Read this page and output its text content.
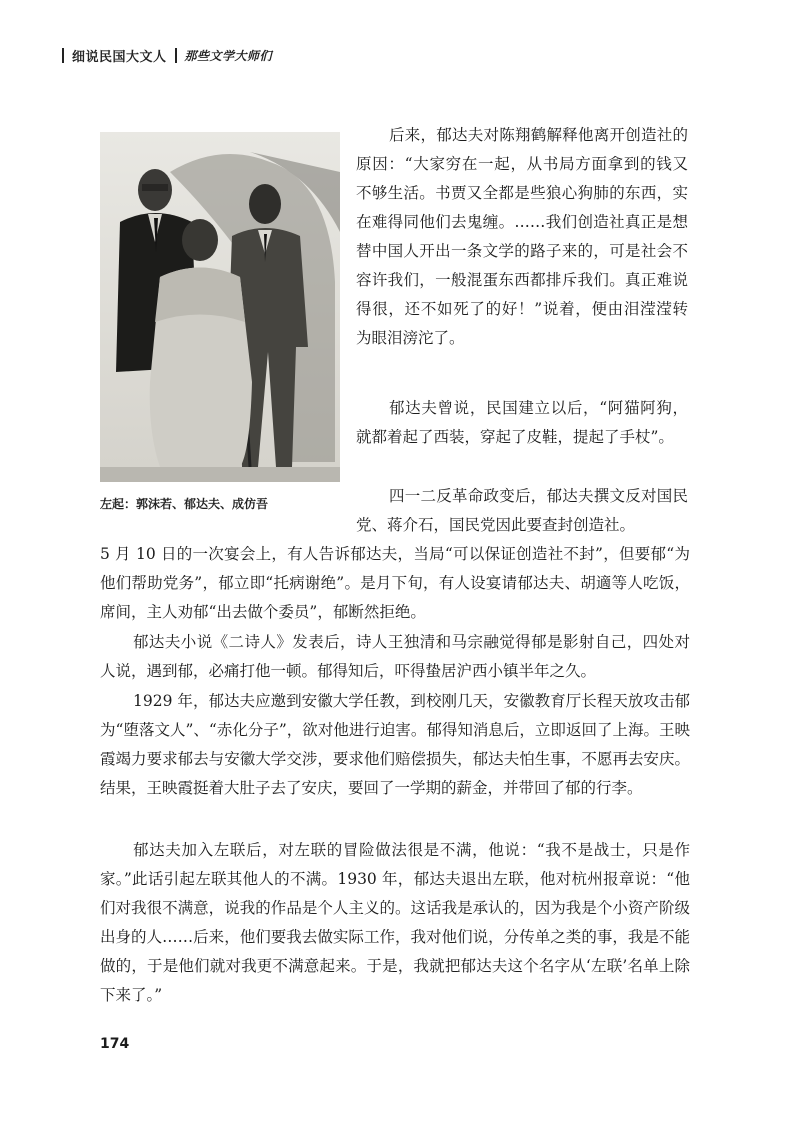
细说民国大文人 那些文学大师们
左起：郭沫若、郁达夫、成仿吾

后来，郁达夫对陈翔鹤解释他离开创造社的原因：“大家穷在一起，从书局方面拿到的钱又不够生活。书贾又全都是些狼心狗肺的东西，实在难得同他们去鬼缠。……我们创造社真正是想替中国人开出一条文学的路子来的，可是社会不容许我们，一般混蛋东西都排斥我们。真正难说得很，还不如死了的好！”说着，便由泪滢滢转为眼泪滂沱了。

郁达夫曾说，民国建立以后，“阿猫阿狗，就都着起了西装，穿起了皮鞋，提起了手杖”。

四一二反革命政变后，郁达夫撰文反对国民党、蒋介石，国民党因此要查封创造社。

5 月 10 日的一次宴会上，有人告诉郁达夫，当局“可以保证创造社不封”，但要郁“为他们帮助党务”，郁立即“托病谢绝”。是月下旬，有人设宴请郁达夫、胡適等人吃饭，席间，主人劝郁“出去做个委员”，郁断然拒绝。

郁达夫小说《二诗人》发表后，诗人王独清和马宗融觉得郁是影射自己，四处对人说，遇到郁，必痛打他一顿。郁得知后，吓得蛰居沪西小镇半年之久。

1929 年，郁达夫应邀到安徽大学任教，到校刚几天，安徽教育厅长程天放攻击郁为“堕落文人”、“赤化分子”，欲对他进行迫害。郁得知消息后，立即返回了上海。王映霞竭力要求郁去与安徽大学交涉，要求他们赔偿损失，郁达夫怕生事，不愿再去安庆。结果，王映霞挺着大肚子去了安庆，要回了一学期的薪金，并带回了郁的行李。

郁达夫加入左联后，对左联的冒险做法很是不满，他说：“我不是战士，只是作家。”此话引起左联其他人的不满。1930 年，郁达夫退出左联，他对杭州报章说：“他们对我很不满意，说我的作品是个人主义的。这话我是承认的，因为我是个小资产阶级出身的人……后来，他们要我去做实际工作，我对他们说，分传单之类的事，我是不能做的，于是他们就对我更不满意起来。于是，我就把郁达夫这个名字从‘左联’名单上除下来了。”

174
